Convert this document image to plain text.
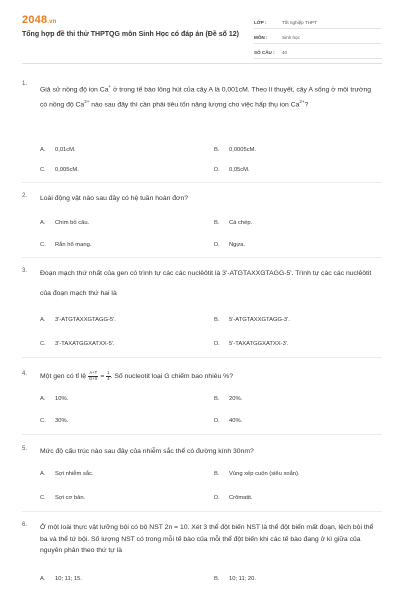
2048.vn
Tổng hợp đề thi thử THPTQG môn Sinh Học có đáp án (Đề số 12)
LỚP :	Tốt nghiệp THPT
MÔN :	Sinh học
SỐ CÂU :	40
1.
Giả sử nồng độ ion Ca+ ở trong tế bào lông hút của cây A là 0,001cM. Theo lí thuyết, cây A sống ở môi trường có nồng độ $Ca^{2+}$ nào sau đây thì cần phải tiêu tốn năng lượng cho việc hấp thụ ion $Ca^{2+}$?
A.	0,01cM.	B.	0,0005cM.
C.	0,005cM.	D.	0,05cM.
2. Loài động vật nào sau đây có hệ tuần hoàn đơn?
A.	Chim bồ câu.	B.	Cá chép.
C.	Rắn hổ mang.	D.	Ngựa.
3. Đoạn mạch thứ nhất của gen có trình tự các các nuclêôtit là 3'-ATGTAXXGTAGG-5'. Trình tự các các nuclêôtit của đoạn mạch thứ hai là
A.	3'-ATGTAXXGTAGG-5'.	B.	5'-ATGTAXXGTAGG-3'.
C.	3'-TAXATGGXATXX-5'.	D.	5'-TAXATGGXATXX-3'.
4. Một gen có tỉ lệ $\frac{A+T}{G+X} = \frac{1}{4}$ . Số nucleotit loại G chiếm bao nhiêu %?
A.	10%.	B.	20%.
C.	30%.	D.	40%.
5. Mức độ cấu trúc nào sau đây của nhiễm sắc thể có đường kính 30nm?
A.	Sợi nhiễm sắc.	B.	Vùng xếp cuộn (siêu xoắn).
C.	Sợi cơ bản.	D.	Crômatit.
6. Ở một loài thực vật lưỡng bội có bộ NST 2n = 10. Xét 3 thể đột biến NST là thể đột biến mất đoạn, lệch bội thể ba và thể tứ bội. Số lượng NST có trong mỗi tế bào của mỗi thể đột biến khi các tế bào đang ở kì giữa của nguyên phân theo thứ tự là
A.	10; 11; 15.	B.	10; 11; 20.
